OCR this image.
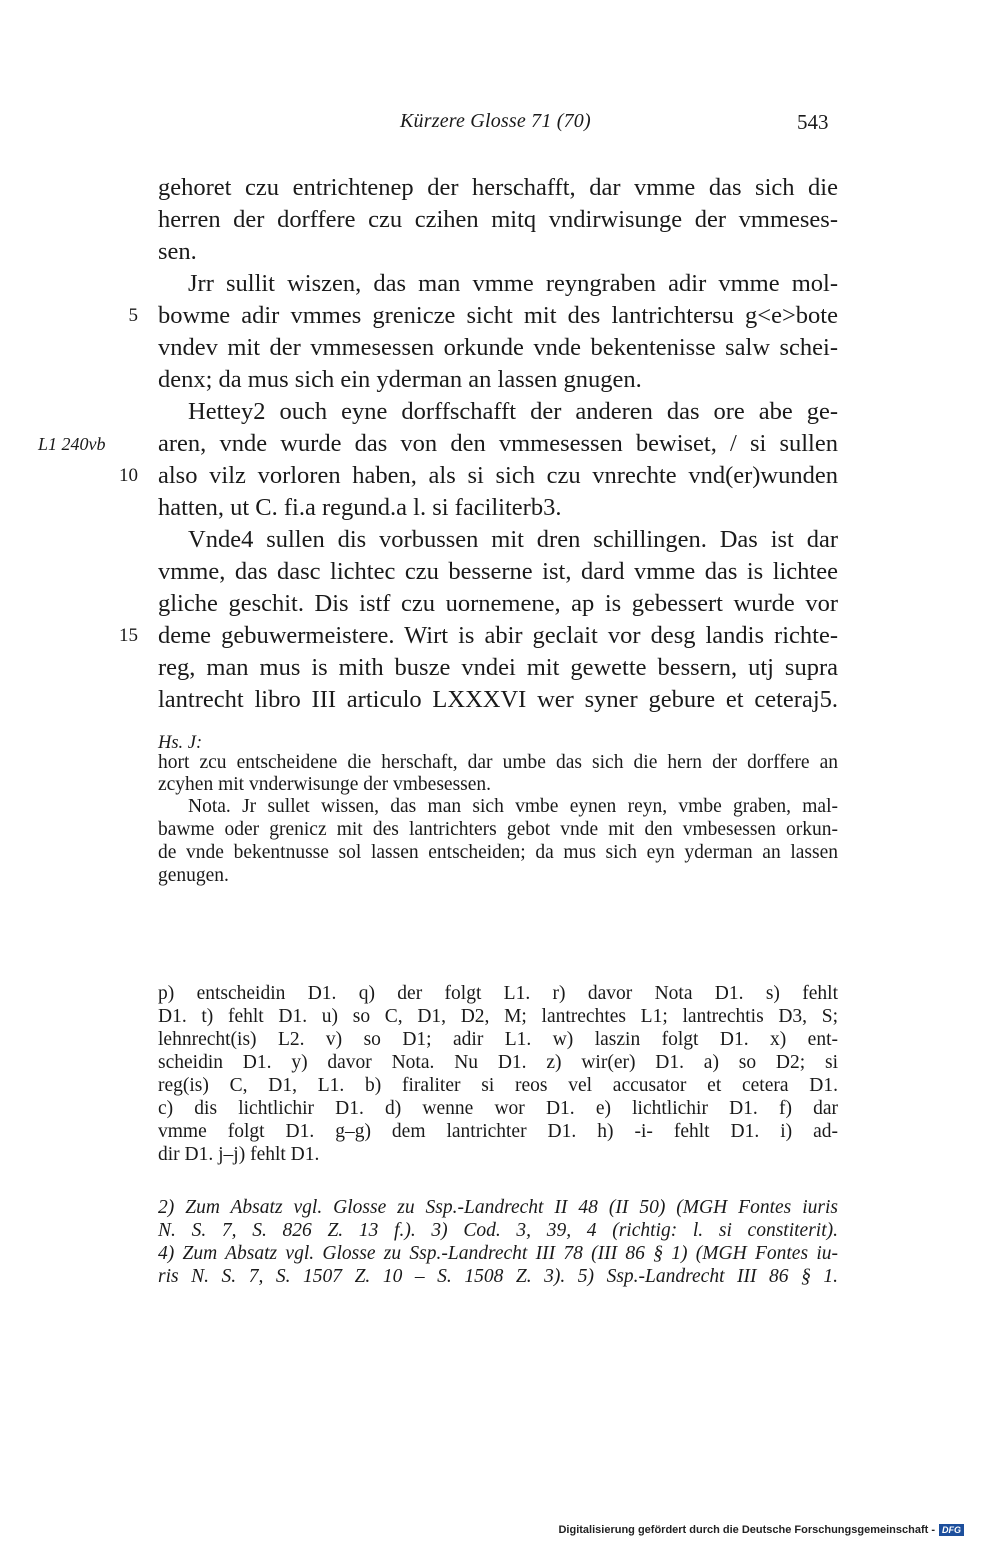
Kürzere Glosse 71 (70)	543
gehoret czu entrichtenep der herschafft, dar vmme das sich die
herren der dorffere czu czihen mitq vndirwisunge der vmmeses-
sen.
Jrr sullit wiszen, das man vmme reyngraben adir vmme mol-
5 bowme adir vmmes grenicze sicht mit des lantrichtersu g<e>bote
vndev mit der vmmesessen orkunde vnde bekentenisse salw schei-
denx; da mus sich ein yderman an lassen gnugen.
Hettey2 ouch eyne dorffschafft der anderen das ore abe ge-
L1 240vb aren, vnde wurde das von den vmmesessen bewiset, / si sullen
10 also vilz vorloren haben, als si sich czu vnrechte vnd(er)wunden
hatten, ut C. fi.a regund.a l. si faciliterb3.
Vnde4 sullen dis vorbussen mit dren schillingen. Das ist dar
vmme, das dasc lichtec czu besserne ist, dard vmme das is lichtee
gliche geschit. Dis istf czu uornemene, ap is gebessert wurde vor
15 deme gebuwermeistere. Wirt is abir geclait vor desg landis richte-
reg, man mus is mith busze vndei mit gewette bessern, utj supra
lantrecht libro III articulo LXXXVI wer syner gebure et ceteraj5.
Hs. J:
hort zcu entscheidene die herschaft, dar umbe das sich die hern der dorffere an
zcyhen mit vnderwisunge der vmbesessen.
Nota. Jr sullet wissen, das man sich vmbe eynen reyn, vmbe graben, mal-
bawme oder grenicz mit des lantrichters gebot vnde mit den vmbesessen orkun-
de vnde bekentnusse sol lassen entscheiden; da mus sich eyn yderman an lassen
genugen.
p) entscheidin D1. q) der folgt L1. r) davor Nota D1. s) fehlt
D1. t) fehlt D1. u) so C, D1, D2, M; lantrechtes L1; lantrechtis D3, S;
lehnrecht(is) L2. v) so D1; adir L1. w) laszin folgt D1. x) ent-
scheidin D1. y) davor Nota. Nu D1. z) wir(er) D1. a) so D2; si
reg(is) C, D1, L1. b) firaliter si reos vel accusator et cetera D1.
c) dis lichtlichir D1. d) wenne wor D1. e) lichtlichir D1. f) dar
vmme folgt D1. g–g) dem lantrichter D1. h) -i- fehlt D1. i) ad-
dir D1. j–j) fehlt D1.
2) Zum Absatz vgl. Glosse zu Ssp.-Landrecht II 48 (II 50) (MGH Fontes iuris
N. S. 7, S. 826 Z. 13 f.). 3) Cod. 3, 39, 4 (richtig: l. si constiterit).
4) Zum Absatz vgl. Glosse zu Ssp.-Landrecht III 78 (III 86 § 1) (MGH Fontes iu-
ris N. S. 7, S. 1507 Z. 10 – S. 1508 Z. 3). 5) Ssp.-Landrecht III 86 § 1.
Digitalisierung gefördert durch die Deutsche Forschungsgemeinschaft - DFG
